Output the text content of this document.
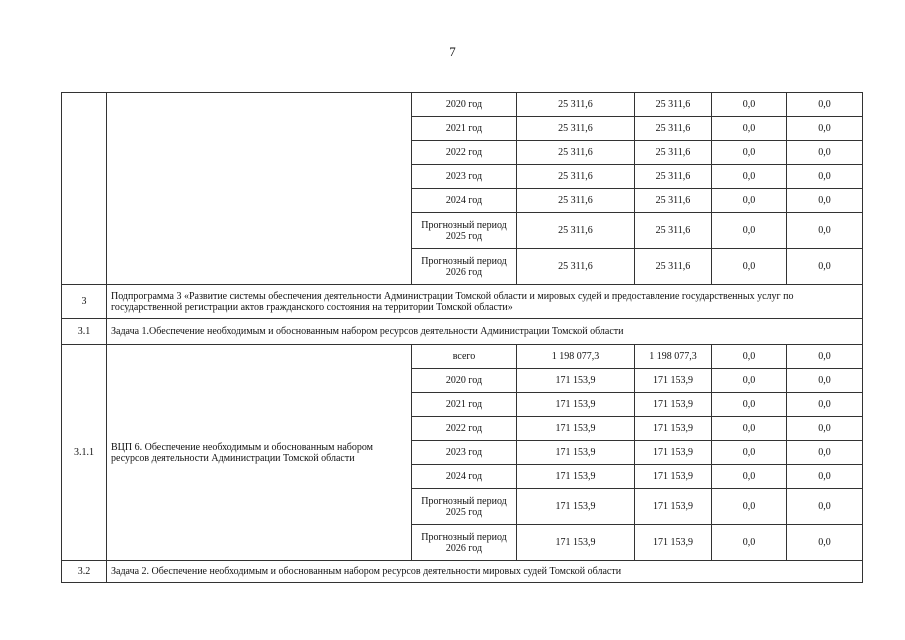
7
		2020 год	25 311,6	25 311,6	0,0	0,0
		2021 год	25 311,6	25 311,6	0,0	0,0
		2022 год	25 311,6	25 311,6	0,0	0,0
		2023 год	25 311,6	25 311,6	0,0	0,0
		2024 год	25 311,6	25 311,6	0,0	0,0
		Прогнозный период 2025 год	25 311,6	25 311,6	0,0	0,0
		Прогнозный период 2026 год	25 311,6	25 311,6	0,0	0,0
3	Подпрограмма 3 «Развитие системы обеспечения деятельности Администрации Томской области и мировых судей и предоставление государственных услуг по государственной регистрации актов гражданского состояния на территории Томской области»					
3.1	Задача 1.Обеспечение необходимым и обоснованным набором ресурсов деятельности Администрации Томской области					
3.1.1	ВЦП 6. Обеспечение необходимым и обоснованным набором ресурсов деятельности Администрации Томской области	всего	1 198 077,3	1 198 077,3	0,0	0,0
		2020 год	171 153,9	171 153,9	0,0	0,0
		2021 год	171 153,9	171 153,9	0,0	0,0
		2022 год	171 153,9	171 153,9	0,0	0,0
		2023 год	171 153,9	171 153,9	0,0	0,0
		2024 год	171 153,9	171 153,9	0,0	0,0
		Прогнозный период 2025 год	171 153,9	171 153,9	0,0	0,0
		Прогнозный период 2026 год	171 153,9	171 153,9	0,0	0,0
3.2	Задача 2. Обеспечение необходимым и обоснованным набором ресурсов деятельности мировых судей Томской области					
